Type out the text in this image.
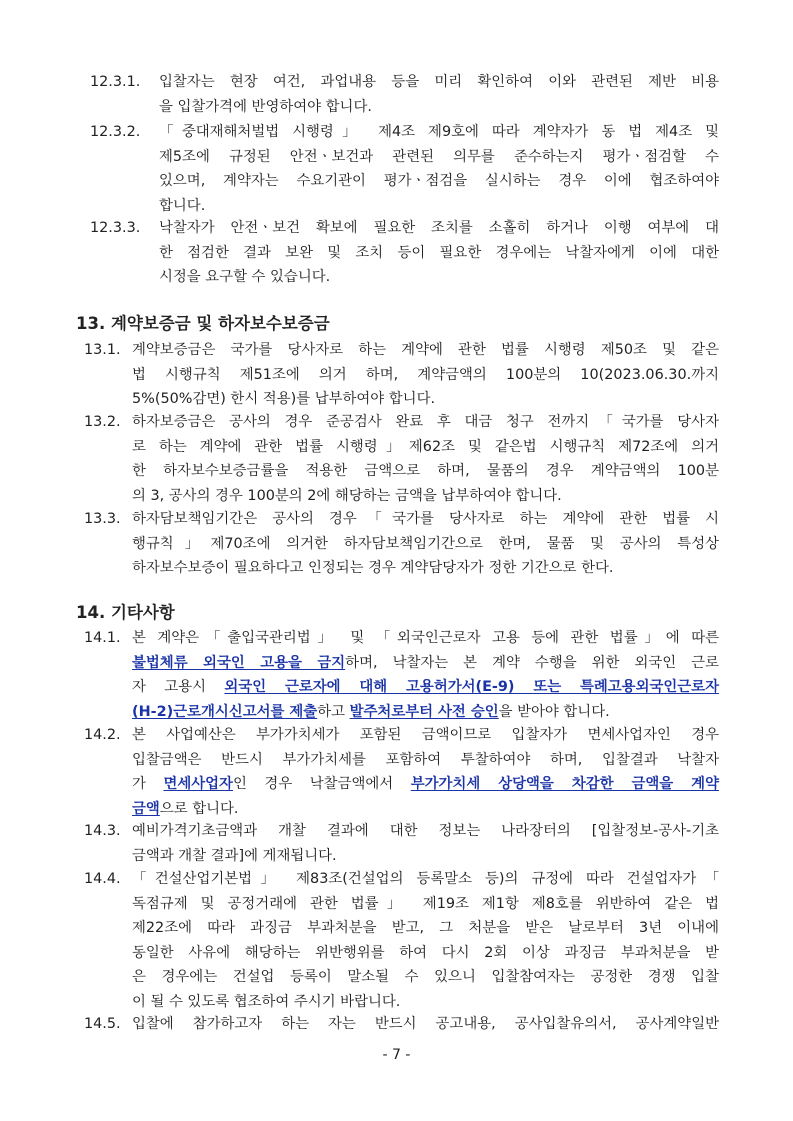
12.3.1. 입찰자는 현장 여건, 과업내용 등을 미리 확인하여 이와 관련된 제반 비용
을 입찰가격에 반영하여야 합니다.
12.3.2. 「중대재해처벌법 시행령」 제4조 제9호에 따라 계약자가 동 법 제4조 및
제5조에 규정된 안전ㆍ보건과 관련된 의무를 준수하는지 평가ㆍ점검할 수
있으며, 계약자는 수요기관이 평가ㆍ점검을 실시하는 경우 이에 협조하여야
합니다.
12.3.3. 낙찰자가 안전ㆍ보건 확보에 필요한 조치를 소홀히 하거나 이행 여부에 대
한 점검한 결과 보완 및 조치 등이 필요한 경우에는 낙찰자에게 이에 대한
시정을 요구할 수 있습니다.
13. 계약보증금 및 하자보수보증금
13.1. 계약보증금은 국가를 당사자로 하는 계약에 관한 법률 시행령 제50조 및 같은
법 시행규칙 제51조에 의거 하며, 계약금액의 100분의 10(2023.06.30.까지
5%(50%감면) 한시 적용)를 납부하여야 합니다.
13.2. 하자보증금은 공사의 경우 준공검사 완료 후 대금 청구 전까지「국가를 당사자
로 하는 계약에 관한 법률 시행령」제62조 및 같은법 시행규칙 제72조에 의거
한 하자보수보증금률을 적용한 금액으로 하며, 물품의 경우 계약금액의 100분
의 3, 공사의 경우 100분의 2에 해당하는 금액을 납부하여야 합니다.
13.3. 하자담보책임기간은 공사의 경우「국가를 당사자로 하는 계약에 관한 법률 시
행규칙」제70조에 의거한 하자담보책임기간으로 한며, 물품 및 공사의 특성상
하자보수보증이 필요하다고 인정되는 경우 계약담당자가 정한 기간으로 한다.
14. 기타사항
14.1. 본 계약은「출입국관리법」 및 「외국인근로자 고용 등에 관한 법률」에 따른
불법체류 외국인 고용을 금지하며, 낙찰자는 본 계약 수행을 위한 외국인 근로
자 고용시 외국인 근로자에 대해 고용허가서(E-9) 또는 특례고용외국인근로자
(H-2)근로개시신고서를 제출하고 발주처로부터 사전 승인을 받아야 합니다.
14.2. 본 사업예산은 부가가치세가 포함된 금액이므로 입찰자가 면세사업자인 경우
입찰금액은 반드시 부가가치세를 포함하여 투찰하여야 하며, 입찰결과 낙찰자
가 면세사업자인 경우 낙찰금액에서 부가가치세 상당액을 차감한 금액을 계약
금액으로 합니다.
14.3. 예비가격기초금액과 개찰 결과에 대한 정보는 나라장터의 [입찰정보-공사-기초
금액과 개찰 결과]에 게재됩니다.
14.4. 「건설산업기본법」 제83조(건설업의 등록말소 등)의 규정에 따라 건설업자가「
독점규제 및 공정거래에 관한 법률」 제19조 제1항 제8호를 위반하여 같은 법
제22조에 따라 과징금 부과처분을 받고, 그 처분을 받은 날로부터 3년 이내에
동일한 사유에 해당하는 위반행위를 하여 다시 2회 이상 과징금 부과처분을 받
은 경우에는 건설업 등록이 말소될 수 있으니 입찰참여자는 공정한 경쟁 입찰
이 될 수 있도록 협조하여 주시기 바랍니다.
14.5. 입찰에 참가하고자 하는 자는 반드시 공고내용, 공사입찰유의서, 공사계약일반
- 7 -
